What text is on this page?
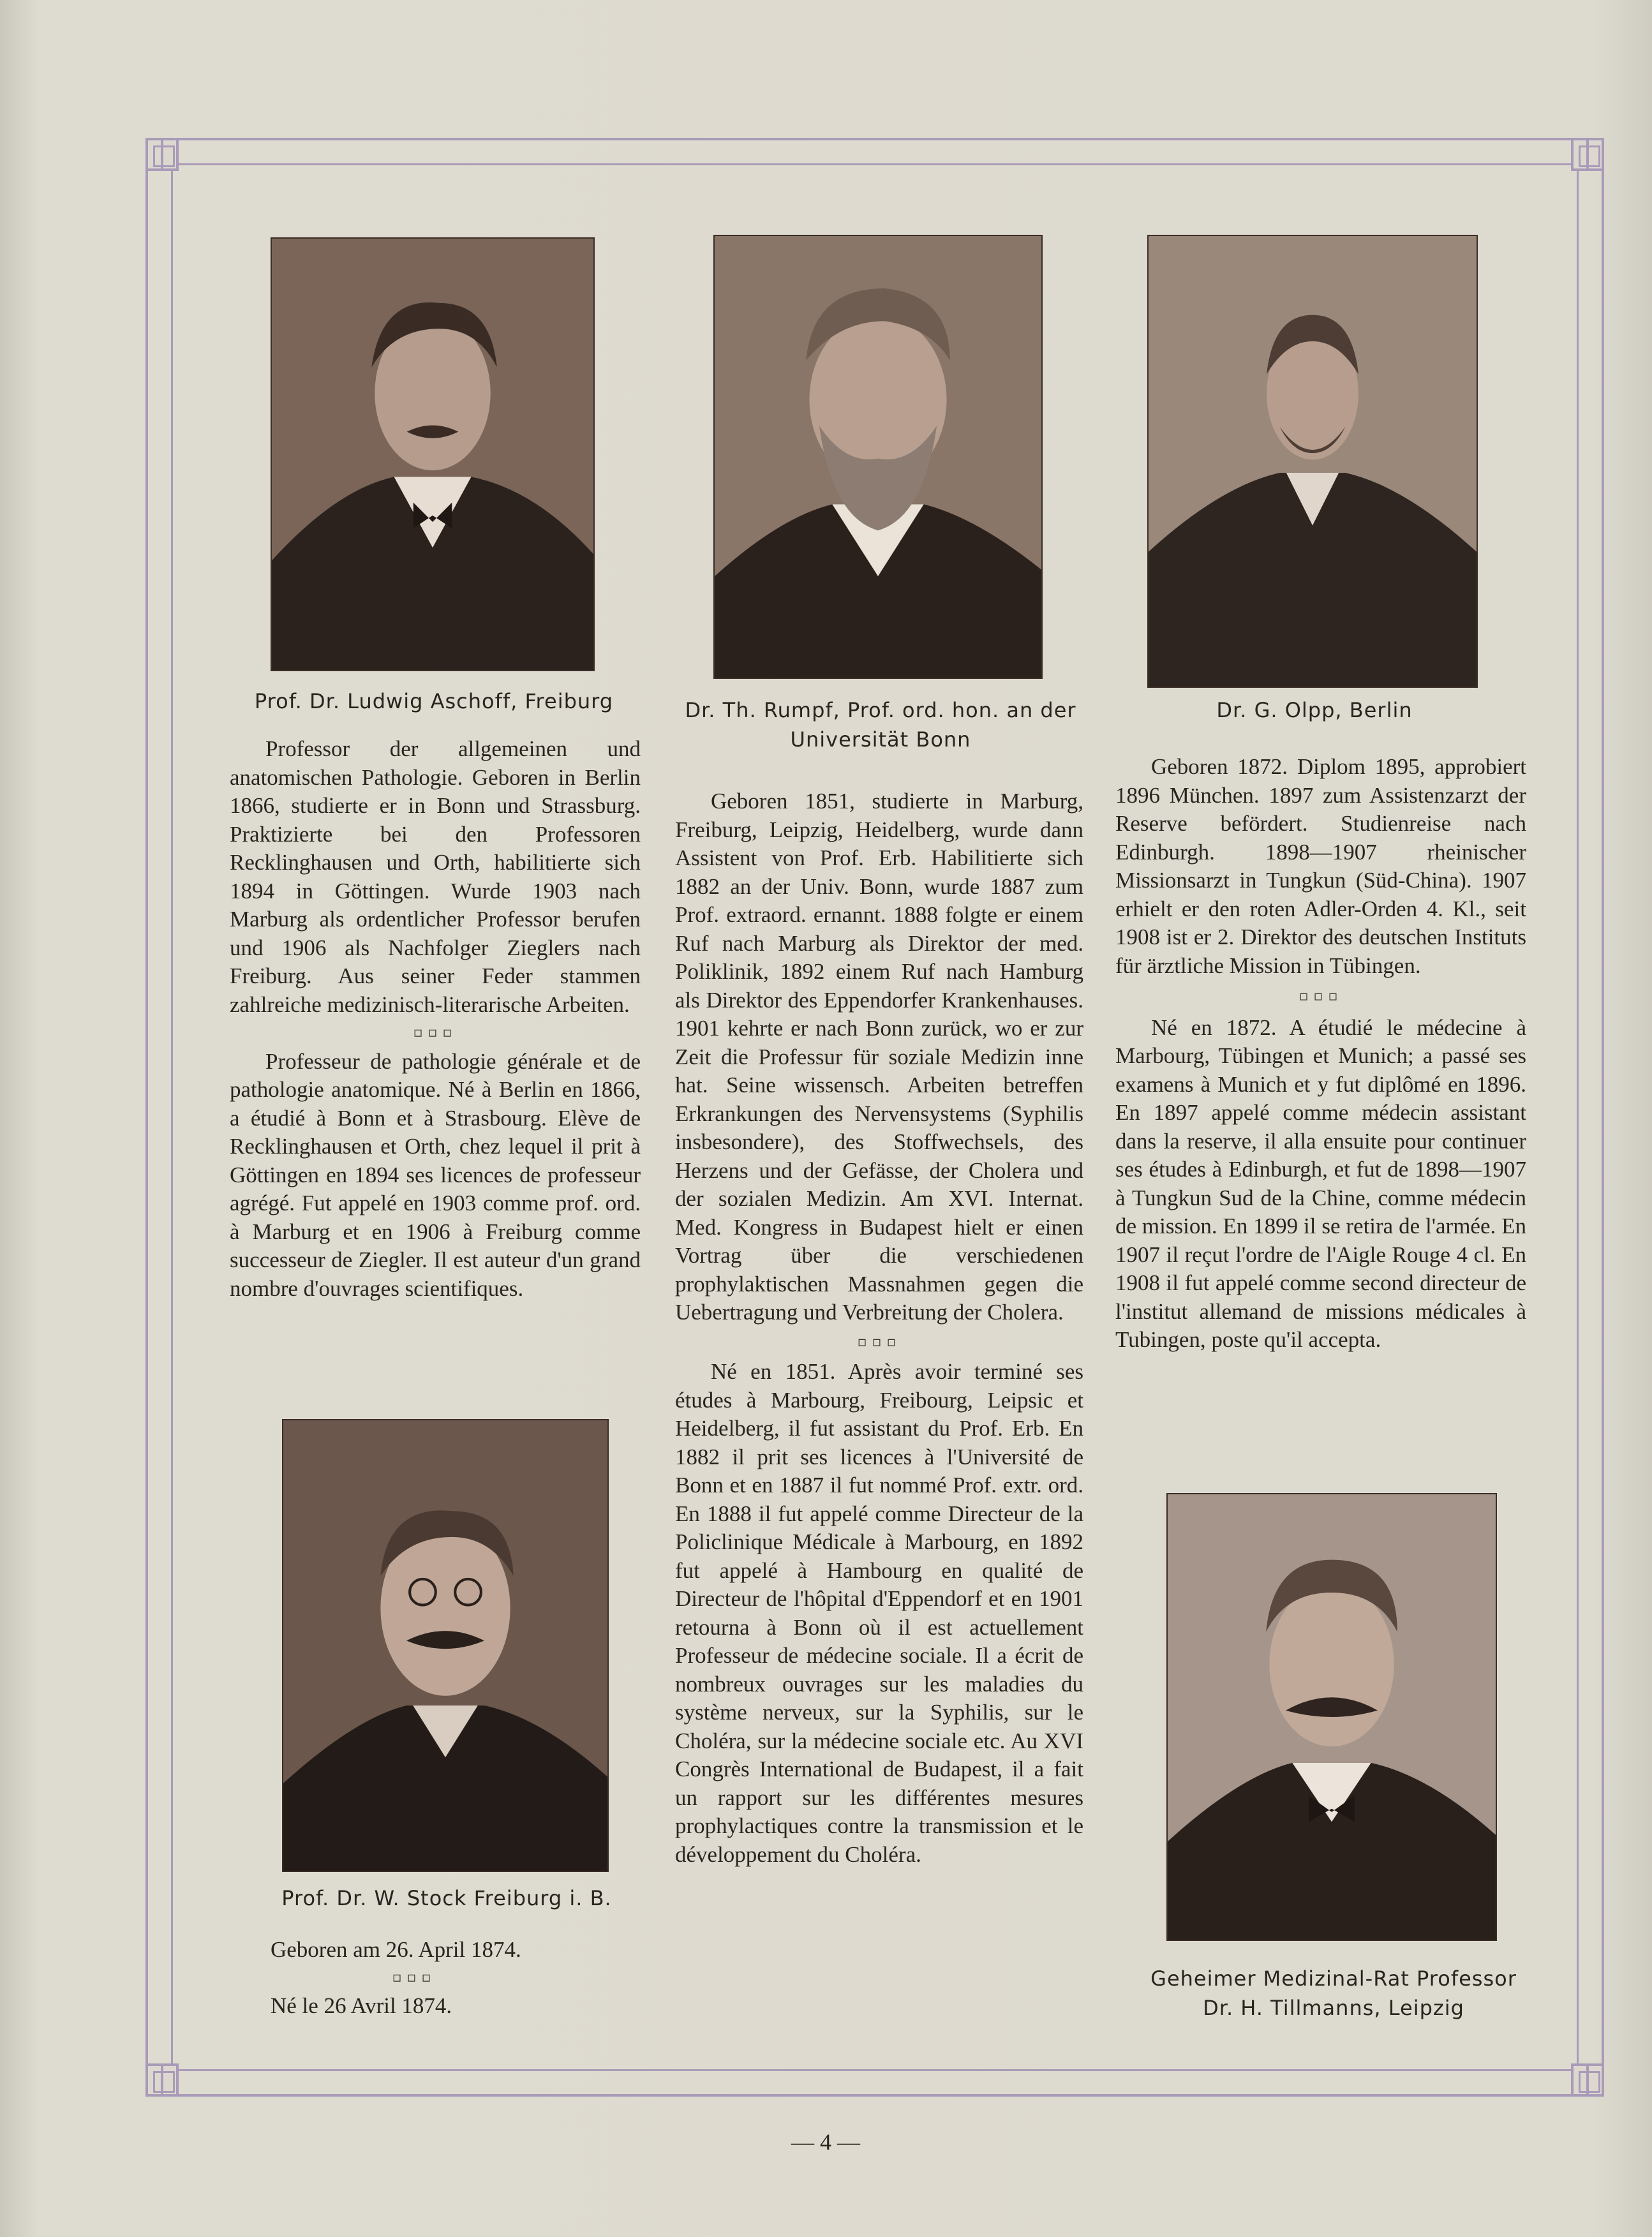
Prof. Dr. Ludwig Aschoff, Freiburg

Professor der allgemeinen und anatomischen Pathologie. Geboren in Berlin 1866, studierte er in Bonn und Strassburg. Praktizierte bei den Professoren Recklinghausen und Orth, habilitierte sich 1894 in Göttingen. Wurde 1903 nach Marburg als ordentlicher Professor berufen und 1906 als Nachfolger Zieglers nach Freiburg. Aus seiner Feder stammen zahlreiche medizinisch-literarische Arbeiten.

▫▫▫

Professeur de pathologie générale et de pathologie anatomique. Né à Berlin en 1866, a étudié à Bonn et à Strasbourg. Elève de Recklinghausen et Orth, chez lequel il prit à Göttingen en 1894 ses licences de professeur agrégé. Fut appelé en 1903 comme prof. ord. à Marburg et en 1906 à Freiburg comme successeur de Ziegler. Il est auteur d'un grand nombre d'ouvrages scientifiques.

Prof. Dr. W. Stock Freiburg i. B.
Geboren am 26. April 1874.
▫▫▫
Né le 26 Avril 1874.
Dr. Th. Rumpf, Prof. ord. hon. an der
Universität Bonn

Geboren 1851, studierte in Marburg, Freiburg, Leipzig, Heidelberg, wurde dann Assistent von Prof. Erb. Habilitierte sich 1882 an der Univ. Bonn, wurde 1887 zum Prof. extraord. ernannt. 1888 folgte er einem Ruf nach Marburg als Direktor der med. Poliklinik, 1892 einem Ruf nach Hamburg als Direktor des Eppendorfer Krankenhauses. 1901 kehrte er nach Bonn zurück, wo er zur Zeit die Professur für soziale Medizin inne hat. Seine wissensch. Arbeiten betreffen Erkrankungen des Nervensystems (Syphilis insbesondere), des Stoffwechsels, des Herzens und der Gefässe, der Cholera und der sozialen Medizin. Am XVI. Internat. Med. Kongress in Budapest hielt er einen Vortrag über die verschiedenen prophylaktischen Massnahmen gegen die Uebertragung und Verbreitung der Cholera.

▫▫▫

Né en 1851. Après avoir terminé ses études à Marbourg, Freibourg, Leipsic et Heidelberg, il fut assistant du Prof. Erb. En 1882 il prit ses licences à l'Université de Bonn et en 1887 il fut nommé Prof. extr. ord. En 1888 il fut appelé comme Directeur de la Policlinique Médicale à Marbourg, en 1892 fut appelé à Hambourg en qualité de Directeur de l'hôpital d'Eppendorf et en 1901 retourna à Bonn où il est actuellement Professeur de médecine sociale. Il a écrit de nombreux ouvrages sur les maladies du système nerveux, sur la Syphilis, sur le Choléra, sur la médecine sociale etc. Au XVI Congrès International de Budapest, il a fait un rapport sur les différentes mesures prophylactiques contre la transmission et le développement du Choléra.

Dr. G. Olpp, Berlin

Geboren 1872. Diplom 1895, approbiert 1896 München. 1897 zum Assistenzarzt der Reserve befördert. Studienreise nach Edinburgh. 1898—1907 rheinischer Missionsarzt in Tungkun (Süd-China). 1907 erhielt er den roten Adler-Orden 4. Kl., seit 1908 ist er 2. Direktor des deutschen Instituts für ärztliche Mission in Tübingen.

▫▫▫

Né en 1872. A étudié le médecine à Marbourg, Tübingen et Munich; a passé ses examens à Munich et y fut diplômé en 1896. En 1897 appelé comme médecin assistant dans la reserve, il alla ensuite pour continuer ses études à Edinburgh, et fut de 1898—1907 à Tungkun Sud de la Chine, comme médecin de mission. En 1899 il se retira de l'armée. En 1907 il reçut l'ordre de l'Aigle Rouge 4 cl. En 1908 il fut appelé comme second directeur de l'institut allemand de missions médicales à Tubingen, poste qu'il accepta.

Geheimer Medizinal-Rat Professor
Dr. H. Tillmanns, Leipzig
— 4 —
